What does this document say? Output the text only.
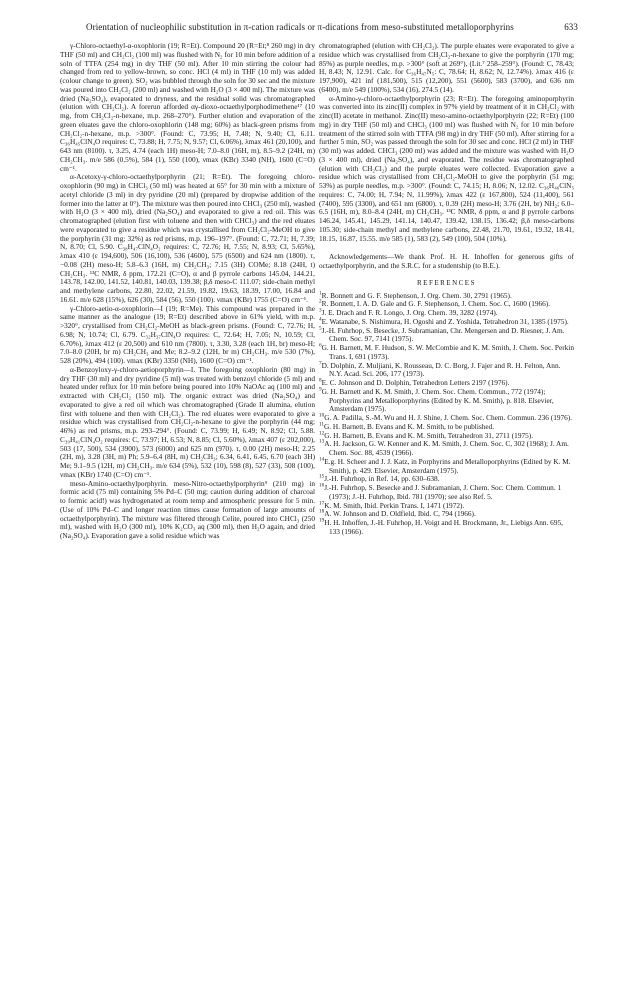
Orientation of nucleophilic substitution in π-cation radicals or π-dications from meso-substituted metalloporphyrins	633

γ-Chloro-octaethyl-α-oxophlorin (19; R=Et). Compound 20 (R=Et;⁸ 260 mg) in dry THF (50 ml) and CH₂Cl₂ (100 ml) was flushed with N₂ for 10 min before addition of a soln of TTFA (254 mg) in dry THF (50 ml). After 10 min stirring the colour had changed from red to yellow-brown, so conc. HCl (4 ml) in THF (10 ml) was added (colour change to green). SO₂ was bubbled through the soln for 30 sec and the mixture was poured into CH₂Cl₂ (200 ml) and washed with H₂O (3 × 400 ml). The mixture was dried (Na₂SO₄), evaporated to dryness, and the residual solid was chromatographed (elution with CH₂Cl₂). A forerun afforded αγ-dioxo-octaethylporphodimethene¹⁷ (10 mg, from CH₂Cl₂-n-hexane, m.p. 268–270°). Further elution and evaporation of the green eluates gave the chloro-oxophlorin (148 mg; 60%) as black-green prisms from CH₂Cl₂-n-hexane, m.p. >300°. (Found: C, 73.95; H, 7.48; N, 9.40; Cl, 6.11. C₃₆H₄₅ClN₄O requires: C, 73.88; H, 7.75; N, 9.57; Cl, 6.06%), λmax 461 (20,100), and 643 nm (8100). τ, 3.25, 4.74 (each 1H) meso-H; 7.0–8.0 (16H, m), 8.5–9.2 (24H, m) CH₂CH₃. m/e 586 (0.5%), 584 (1), 550 (100), νmax (KBr) 3340 (NH), 1600 (C=O) cm⁻¹.

α-Acetoxy-γ-chloro-octaethylporphyrin (21; R=Et). The foregoing chloro-oxophlorin (90 mg) in CHCl₃ (50 ml) was heated at 65° for 30 min with a mixture of acetyl chloride (3 ml) in dry pyridine (20 ml) (prepared by dropwise addition of the former into the latter at 0°). The mixture was then poured into CHCl₃ (250 ml), washed with H₂O (3 × 400 ml), dried (Na₂SO₄) and evaporated to give a red oil. This was chromatographed (elution first with toluene and then with CHCl₃) and the red eluates were evaporated to give a residue which was crystallised from CH₂Cl₂-MeOH to give the porphyrin (31 mg; 32%) as red prisms, m.p. 196–197°. (Found: C, 72.71; H, 7.39; N, 8.70; Cl, 5.90. C₃₈H₄₇ClN₄O₂ requires: C, 72.76; H, 7.55; N, 8.93; Cl, 5.65%), λmax 410 (ε 194,600), 506 (16,100), 536 (4600), 575 (6500) and 624 nm (1800). τ, −0.08 (2H) meso-H; 5.8–6.3 (16H, m) CH₂CH₃; 7.15 (3H) COMe; 8.18 (24H, t) CH₂CH₃. ¹³C NMR, δ ppm, 172.21 (C=O), α and β pyrrole carbons 145.04, 144.21, 143.78, 142.00, 141.52, 140.81, 140.03, 139.38; β,δ meso-C 111.07; side-chain methyl and methylene carbons, 22.80, 22.02, 21.59, 19.82, 19.63, 18.39, 17.00, 16.84 and 16.61. m/e 628 (15%), 626 (30), 584 (56), 550 (100). νmax (KBr) 1755 (C=O) cm⁻¹.

γ-Chloro-aetio-α-oxophlorin—I (19; R=Me). This compound was prepared in the same manner as the analogue (19; R=Et) described above in 61% yield, with m.p. >320°, crystallised from CH₂Cl₂-MeOH as black-green prisms. (Found: C, 72.76; H, 6.98; N, 10.74; Cl, 6.79. C₃₂H₃₇ClN₄O requires: C, 72.64; H, 7.05; N, 10.59; Cl, 6.70%), λmax 412 (ε 20,500) and 610 nm (7800). τ, 3.30, 3.28 (each 1H, br) meso-H; 7.0–8.0 (20H, br m) CH₂CH₃ and Me; 8.2–9.2 (12H, br m) CH₂CH₃. m/e 530 (7%), 528 (20%), 494 (100). νmax (KBr) 3350 (NH), 1600 (C=O) cm⁻¹.

α-Benzoyloxy-γ-chloro-aetioporphyrin—I. The foregoing oxophlorin (80 mg) in dry THF (30 ml) and dry pyridine (5 ml) was treated with benzoyl chloride (5 ml) and heated under reflux for 10 min before being poured into 10% NaOAc aq (100 ml) and extracted with CH₂Cl₂ (150 ml). The organic extract was dried (Na₂SO₄) and evaporated to give a red oil which was chromatographed (Grade II alumina, elution first with toluene and then with CH₂Cl₂). The red eluates were evaporated to give a residue which was crystallised from CH₂Cl₂-n-hexane to give the porphyrin (44 mg; 46%) as red prisms, m.p. 293–294°. (Found: C, 73.99; H, 6.49; N, 8.92; Cl, 5.88. C₃₉H₄₁ClN₄O₂ requires: C, 73.97; H, 6.53; N, 8.85; Cl, 5.60%), λmax 407 (ε 202,000), 503 (17, 500), 534 (3900), 573 (6000) and 625 nm (970). τ, 0.00 (2H) meso-H; 2.25 (2H, m), 3.28 (3H, m) Ph; 5.9–6.4 (8H, m) CH₂CH₃; 6.34, 6.41, 6.45, 6.70 (each 3H) Me; 9.1–9.5 (12H, m) CH₂CH₃. m/e 634 (5%), 532 (10), 598 (8), 527 (33), 508 (100), νmax (KBr) 1740 (C=O) cm⁻¹.

meso-Amino-octaethylporphyrin. meso-Nitro-octaethylporphyrin⁹ (210 mg) in formic acid (75 ml) containing 5% Pd–C (50 mg; caution during addition of charcoal to formic acid!) was hydrogenated at room temp and atmospheric pressure for 5 min. (Use of 10% Pd–C and longer reaction times cause formation of large amounts of octaethylporphyrin). The mixture was filtered through Celite, poured into CHCl₃ (250 ml), washed with H₂O (300 ml), 10% K₂CO₃ aq (300 ml), then H₂O again, and dried (Na₂SO₄). Evaporation gave a solid residue which was

chromatographed (elution with CH₂Cl₂). The purple eluates were evaporated to give a residue which was crystallised from CH₂Cl₂-n-hexane to give the porphyrin (170 mg; 85%) as purple needles, m.p. >300° (soft at 269°), (Lit.⁷ 258–259°). (Found: C, 78.43; H, 8.43; N, 12.91. Calc. for C₃₆H₄₇N₅: C, 78.64; H, 8.62; N, 12.74%). λmax 416 (ε 197,900), 421 inf (181,500), 515 (12,200), 551 (5600), 583 (3700), and 636 nm (6400), m/e 549 (100%), 534 (16), 274.5 (14).

α-Amino-γ-chloro-octaethylporphyrin (23; R=Et). The foregoing aminoporphyrin was converted into its zinc(II) complex in 97% yield by treatment of it in CH₂Cl₂ with zinc(II) acetate in methanol. Zinc(II) meso-amino-octaethylporphyrin (22; R=Et) (100 mg) in dry THF (50 ml) and CHCl₃ (100 ml) was flushed with N₂ for 10 min before treatment of the stirred soln with TTFA (98 mg) in dry THF (50 ml). After stirring for a further 5 min, SO₂ was passed through the soln for 30 sec and conc. HCl (2 ml) in THF (30 ml) was added. CHCl₃ (200 ml) was added and the mixture was washed with H₂O (3 × 400 ml), dried (Na₂SO₄), and evaporated. The residue was chromatographed (elution with CH₂Cl₂) and the purple eluates were collected. Evaporation gave a residue which was crystallised from CH₂Cl₂-MeOH to give the porphyrin (51 mg; 53%) as purple needles, m.p. >300°. (Found: C, 74.15; H, 8.06; N, 12.02. C₃₆H₄₆ClN₅ requires: C, 74.00; H, 7.94; N, 11.99%), λmax 422 (ε 167,800), 524 (11,400), 561 (7400), 595 (3300), and 651 nm (6800). τ, 0.39 (2H) meso-H; 3.76 (2H, br) NH₂; 6.0–6.5 (16H, m), 8.0–8.4 (24H, m) CH₂CH₃. ¹³C NMR, δ ppm, α and β pyrrole carbons 146.24, 145.41, 145.29, 141.14, 140.47, 139.42, 138.15, 136.42; β,δ meso-carbons 105.30; side-chain methyl and methylene carbons, 22.48, 21.70, 19.61, 19.32, 18.41, 18.15, 16.87, 15.55. m/e 585 (1), 583 (2), 549 (100), 504 (10%).

Acknowledgements—We thank Prof. H. H. Inhoffen for generous gifts of octaethylporphyrin, and the S.R.C. for a studentship (to B.E.).

REFERENCES

$^1$R. Bonnett and G. F. Stephenson, J. Org. Chem. 30, 2791 (1965).

$^2$R. Bonnett, I. A. D. Gale and G. F. Stephenson, J. Chem. Soc. C, 1600 (1966).

$^3$J. E. Drach and F. R. Longo, J. Org. Chem. 39, 3282 (1974).

$^4$E. Watanabe, S. Nishimura, H. Ogoshi and Z. Yoshida, Tetrahedron 31, 1385 (1975).

$^5$J.-H. Fuhrhop, S. Besecke, J. Subramanian, Chr. Mengersen and D. Riesner, J. Am. Chem. Soc. 97, 7141 (1975).

$^6$G. H. Barnett, M. F. Hudson, S. W. McCombie and K. M. Smith, J. Chem. Soc. Perkin Trans. I, 691 (1973).

$^7$D. Dolphin, Z. Muljiani, K. Rousseau, D. C. Borg, J. Fajer and R. H. Felton, Ann. N.Y. Acad. Sci. 206, 177 (1973).

$^8$E. C. Johnson and D. Dolphin, Tetrahedron Letters 2197 (1976).

$^9$G. H. Barnett and K. M. Smith, J. Chem. Soc. Chem. Commun., 772 (1974); Porphyrins and Metalloporphyrins (Edited by K. M. Smith), p. 818. Elsevier, Amsterdam (1975).

$^{10}$G. A. Padilla, S.-M. Wu and H. J. Shine, J. Chem. Soc. Chem. Commun. 236 (1976).

$^{11}$G. H. Barnett, B. Evans and K. M. Smith, to be published.

$^{12}$G. H. Barnett, B. Evans and K. M. Smith, Tetrahedron 31, 2711 (1975).

$^{13}$A. H. Jackson, G. W. Kenner and K. M. Smith, J. Chem. Soc. C, 302 (1968); J. Am. Chem. Soc. 88, 4539 (1966).

$^{14}$E.g. H. Scheer and J. J. Katz, in Porphyrins and Metalloporphyrins (Edited by K. M. Smith), p. 429. Elsevier, Amsterdam (1975).

$^{15}$J.-H. Fuhrhop, in Ref. 14, pp. 630–638.

$^{16}$J.-H. Fuhrhop, S. Besecke and J. Subramanian, J. Chem. Soc. Chem. Commun. 1 (1973); J.-H. Fuhrhop, Ibid. 781 (1970); see also Ref. 5.

$^{17}$K. M. Smith, Ibid. Perkin Trans. I, 1471 (1972).

$^{18}$A. W. Johnson and D. Oldfield, Ibid. C, 794 (1966).

$^{19}$H. H. Inhoffen, J.-H. Fuhrhop, H. Voigt and H. Brockmann, Jr., Liebigs Ann. 695, 133 (1966).
